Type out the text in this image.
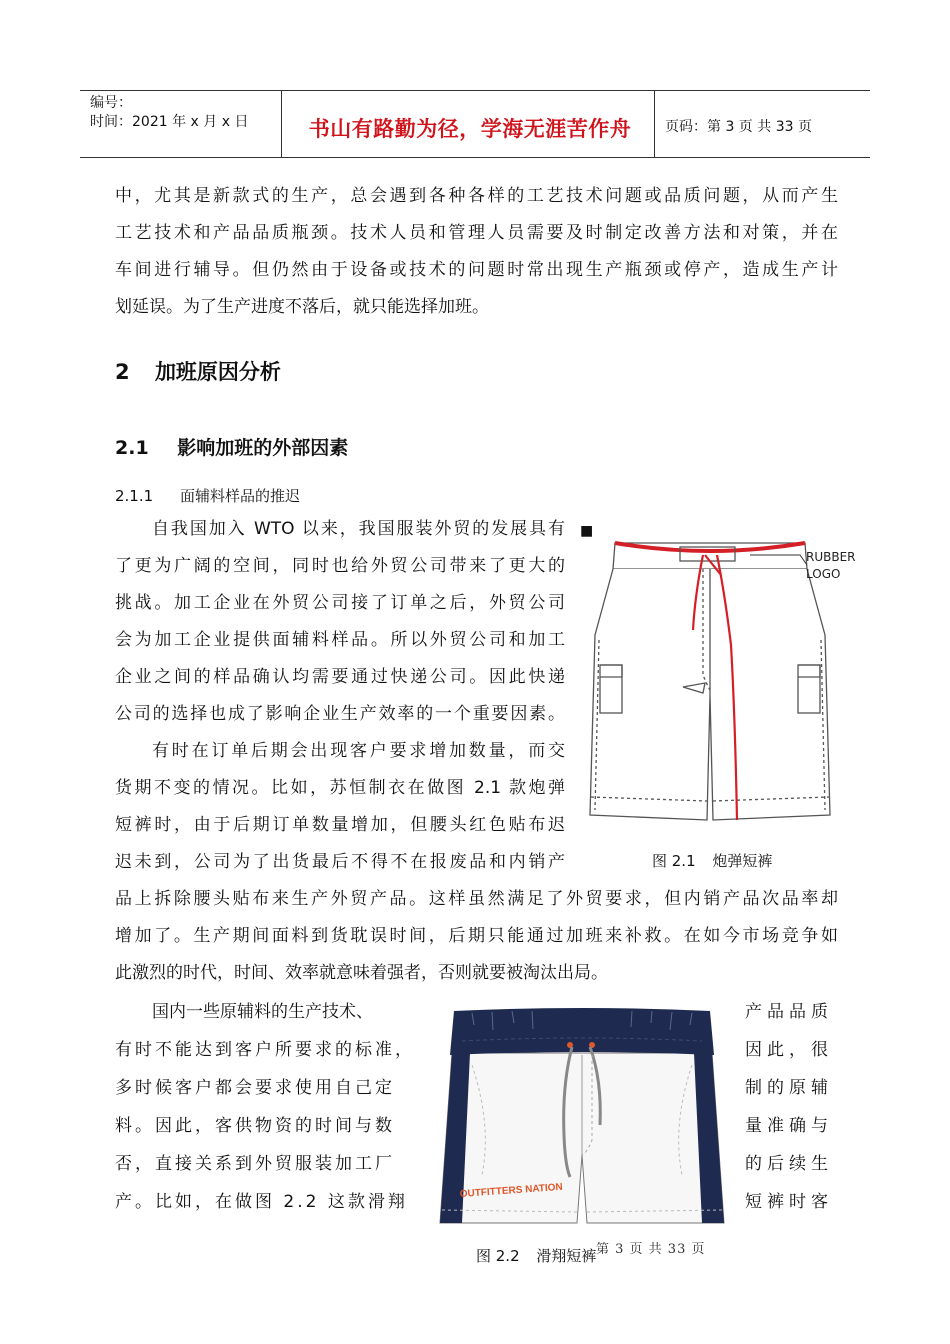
编号：
时间：2021 年 x 月 x 日	书山有路勤为径，学海无涯苦作舟	页码：第 3 页 共 33 页
中，尤其是新款式的生产，总会遇到各种各样的工艺技术问题或品质问题，从而产生
工艺技术和产品品质瓶颈。技术人员和管理人员需要及时制定改善方法和对策，并在
车间进行辅导。但仍然由于设备或技术的问题时常出现生产瓶颈或停产，造成生产计
划延误。为了生产进度不落后，就只能选择加班。
2 加班原因分析
2.1 影响加班的外部因素
2.1.1 面辅料样品的推迟
自我国加入 WTO 以来，我国服装外贸的发展具有
了更为广阔的空间，同时也给外贸公司带来了更大的
挑战。加工企业在外贸公司接了订单之后，外贸公司
会为加工企业提供面辅料样品。所以外贸公司和加工
企业之间的样品确认均需要通过快递公司。因此快递
公司的选择也成了影响企业生产效率的一个重要因素。
有时在订单后期会出现客户要求增加数量，而交
货期不变的情况。比如，苏恒制衣在做图 2.1 款炮弹
短裤时，由于后期订单数量增加，但腰头红色贴布迟
迟未到，公司为了出货最后不得不在报废品和内销产
品上拆除腰头贴布来生产外贸产品。这样虽然满足了外贸要求，但内销产品次品率却
增加了。生产期间面料到货耽误时间，后期只能通过加班来补救。在如今市场竞争如
此激烈的时代，时间、效率就意味着强者，否则就要被淘汰出局。
国内一些原辅料的生产技术、
有时不能达到客户所要求的标准，
多时候客户都会要求使用自己定
料。因此，客供物资的时间与数
否，直接关系到外贸服装加工厂
产。比如，在做图 2.2 这款滑翔
产品品质
因此，很
制的原辅
量准确与
的后续生
短裤时客
■
RUBBER
LOGO
图 2.1 炮弹短裤
OUTFITTERS NATION
图 2.2 滑翔短裤 第 3 页 共 33 页
